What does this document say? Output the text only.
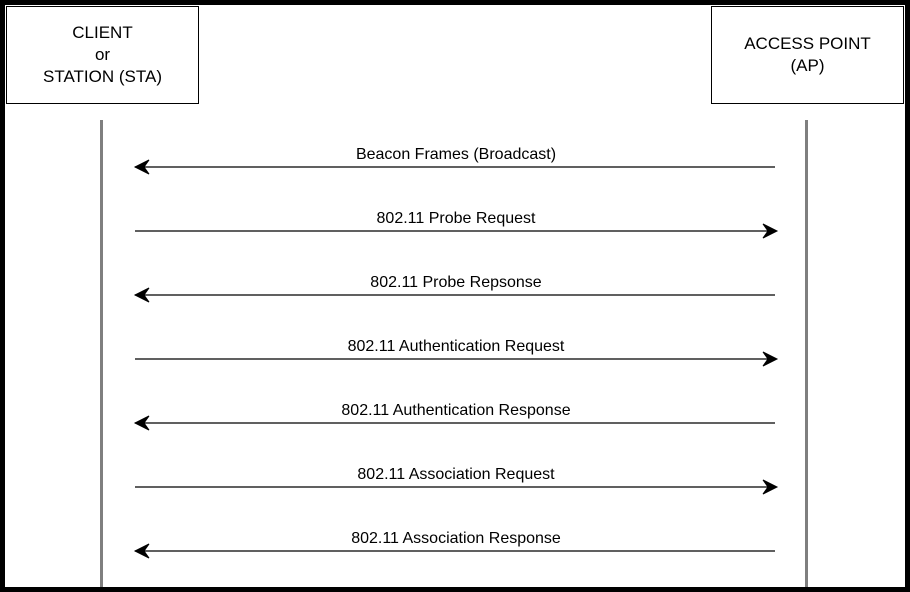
CLIENT
or
STATION (STA)
ACCESS POINT
(AP)
Beacon Frames (Broadcast)
802.11 Probe Request
802.11 Probe Repsonse
802.11 Authentication Request
802.11 Authentication Response
802.11 Association Request
802.11 Association Response
